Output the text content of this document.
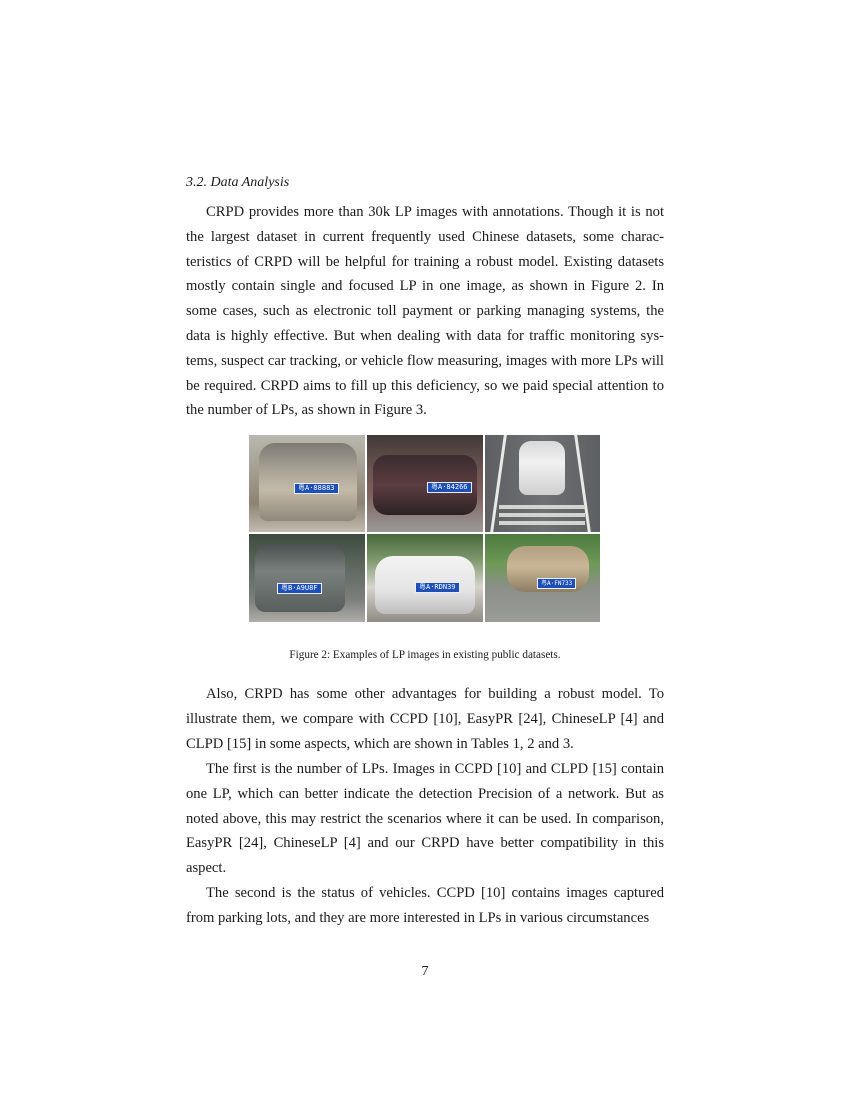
3.2. Data Analysis

CRPD provides more than 30k LP images with annotations. Though it is not the largest dataset in current frequently used Chinese datasets, some characteristics of CRPD will be helpful for training a robust model. Existing datasets mostly contain single and focused LP in one image, as shown in Figure 2. In some cases, such as electronic toll payment or parking managing systems, the data is highly effective. But when dealing with data for traffic monitoring systems, suspect car tracking, or vehicle flow measuring, images with more LPs will be required. CRPD aims to fill up this deficiency, so we paid special attention to the number of LPs, as shown in Figure 3.

粤A·88883	粤A·84266
粤B·A9U8F	粤A·RDN39	粤A·FN733

Figure 2: Examples of LP images in existing public datasets.

Also, CRPD has some other advantages for building a robust model. To illustrate them, we compare with CCPD [10], EasyPR [24], ChineseLP [4] and CLPD [15] in some aspects, which are shown in Tables 1, 2 and 3.

The first is the number of LPs. Images in CCPD [10] and CLPD [15] contain one LP, which can better indicate the detection Precision of a network. But as noted above, this may restrict the scenarios where it can be used. In comparison, EasyPR [24], ChineseLP [4] and our CRPD have better compatibility in this aspect.

The second is the status of vehicles. CCPD [10] contains images captured from parking lots, and they are more interested in LPs in various circumstances

7
